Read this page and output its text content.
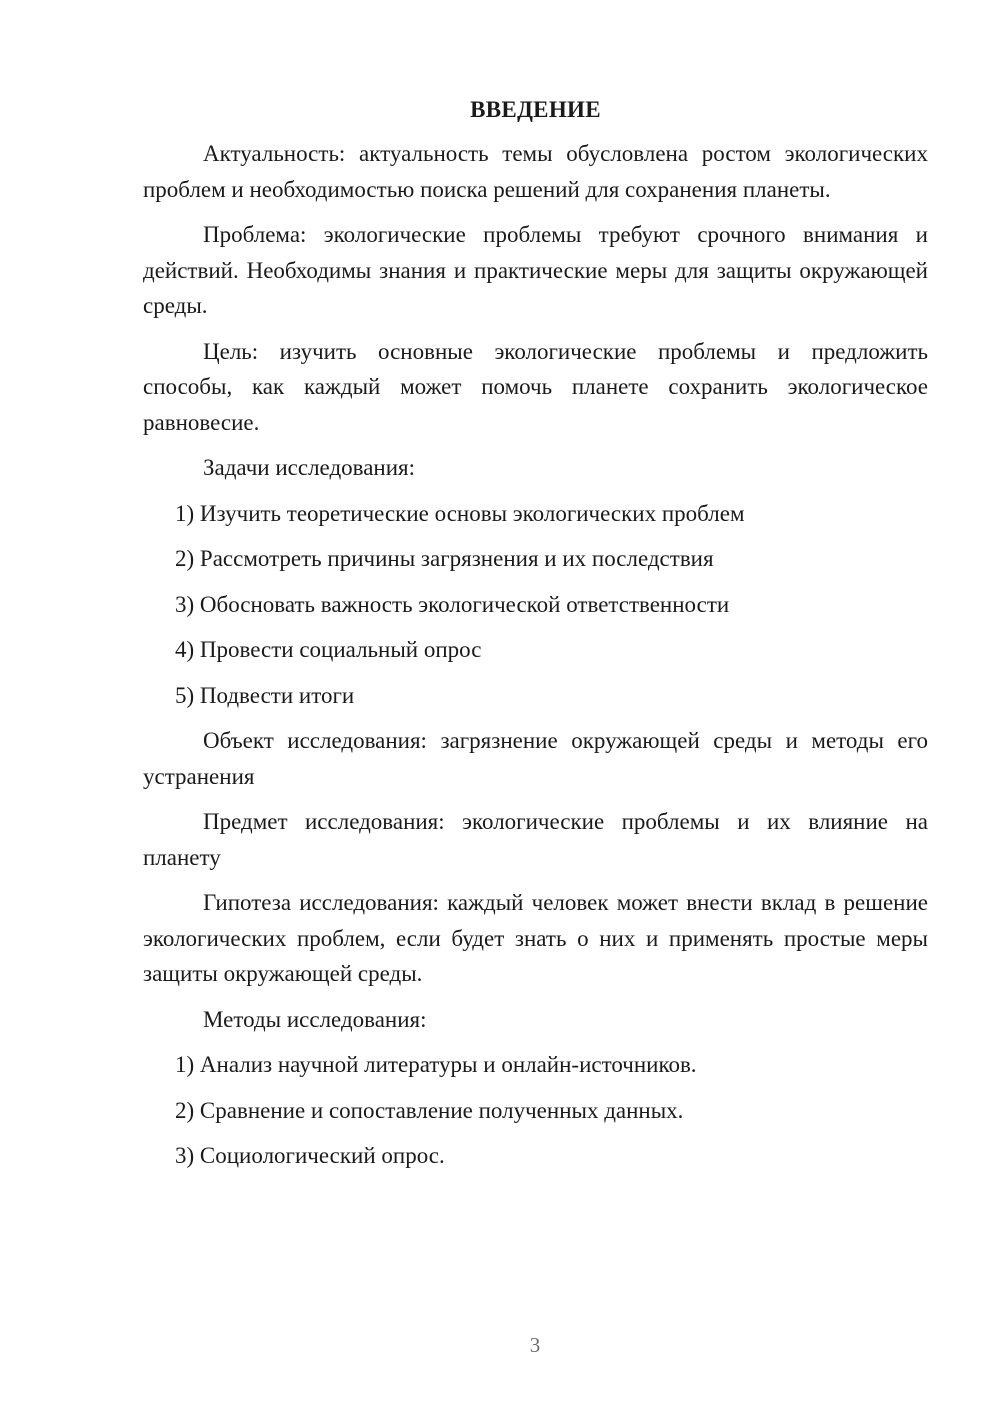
ВВЕДЕНИЕ

Актуальность: актуальность темы обусловлена ростом экологических проблем и необходимостью поиска решений для сохранения планеты.

Проблема: экологические проблемы требуют срочного внимания и действий. Необходимы знания и практические меры для защиты окружающей среды.

Цель: изучить основные экологические проблемы и предложить способы, как каждый может помочь планете сохранить экологическое равновесие.

Задачи исследования:

1) Изучить теоретические основы экологических проблем
2) Рассмотреть причины загрязнения и их последствия
3) Обосновать важность экологической ответственности
4) Провести социальный опрос
5) Подвести итоги

Объект исследования: загрязнение окружающей среды и методы его устранения

Предмет исследования: экологические проблемы и их влияние на планету

Гипотеза исследования: каждый человек может внести вклад в решение экологических проблем, если будет знать о них и применять простые меры защиты окружающей среды.

Методы исследования:

1) Анализ научной литературы и онлайн-источников.
2) Сравнение и сопоставление полученных данных.
3) Социологический опрос.
3
